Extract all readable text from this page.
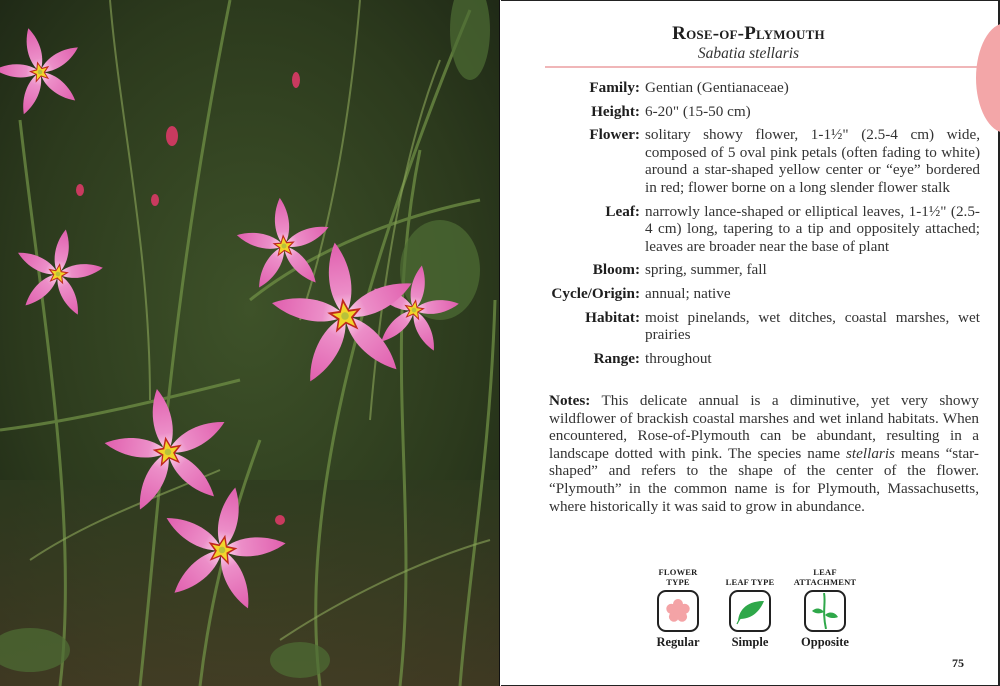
Rose-of-Plymouth
Sabatia stellaris
Family: Gentian (Gentianaceae)
Height: 6-20" (15-50 cm)
Flower: solitary showy flower, 1-1½" (2.5-4 cm) wide, composed of 5 oval pink petals (often fading to white) around a star-shaped yellow center or “eye” bordered in red; flower borne on a long slender flower stalk
Leaf: narrowly lance-shaped or elliptical leaves, 1-1½" (2.5-4 cm) long, tapering to a tip and oppositely attached; leaves are broader near the base of plant
Bloom: spring, summer, fall
Cycle/Origin: annual; native
Habitat: moist pinelands, wet ditches, coastal marshes, wet prairies
Range: throughout
Notes: This delicate annual is a diminutive, yet very showy wildflower of brackish coastal marshes and wet inland habitats. When encountered, Rose-of-Plymouth can be abundant, resulting in a landscape dotted with pink. The species name stellaris means “star-shaped” and refers to the shape of the center of the flower. “Plymouth” in the common name is for Plymouth, Massachusetts, where historically it was said to grow in abundance.
FLOWER TYPE
Regular
LEAF TYPE
Simple
LEAF ATTACHMENT
Opposite
75
